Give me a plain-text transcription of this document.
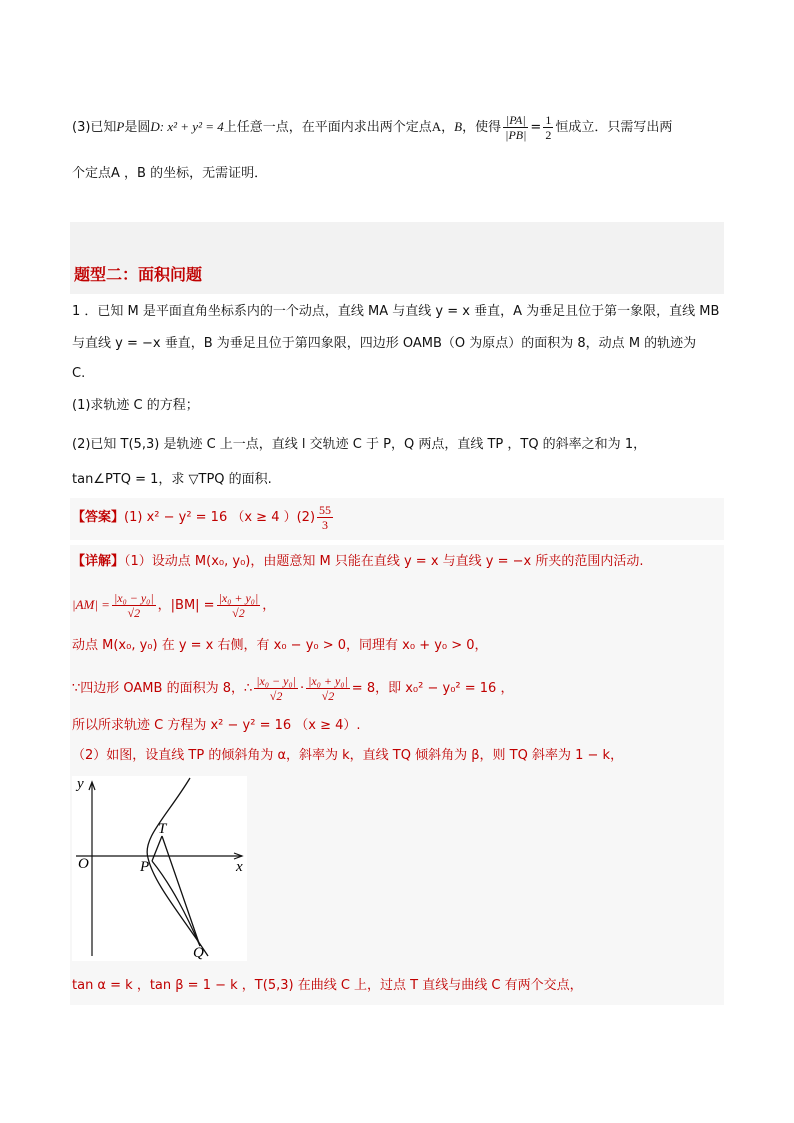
(3)已知P是圆D: x² + y² = 4上任意一点，在平面内求出两个定点A，B，使得 $\frac{|PA|}{|PB|} = \frac{1}{2}$ 恒成立．只需写出两
个定点A ，B 的坐标，无需证明．
题型二：面积问题
1 ．已知 M 是平面直角坐标系内的一个动点，直线 MA 与直线 y = x 垂直，A 为垂足且位于第一象限，直线 MB
与直线 y = −x 垂直，B 为垂足且位于第四象限，四边形 OAMB（O 为原点）的面积为 8，动点 M 的轨迹为
C.
(1)求轨迹 C 的方程；
(2)已知 T(5,3) 是轨迹 C 上一点，直线 l 交轨迹 C 于 P，Q 两点，直线 TP ，TQ 的斜率之和为 1，
tan∠PTQ = 1，求 ▽TPQ 的面积.
【答案】(1) x² − y² = 16 （x ≥ 4 ）$(2) \frac{55}{3}$
【详解】（1）设动点 M(x₀, y₀)，由题意知 M 只能在直线 y = x 与直线 y = −x 所夹的范围内活动.
$|AM| = \frac{\text{|x₀ − y₀|}}{√2}$ ，$|BM| = \frac{\text{|x₀ + y₀|}}{√2}$ ，
动点 M(x₀, y₀) 在 y = x 右侧，有 x₀ − y₀ > 0，同理有 x₀ + y₀ > 0，
∵四边形 OAMB 的面积为 8，∴ $\frac{\text{|x₀ − y₀|}}{√2} \cdot \frac{\text{|x₀ + y₀|}}{√2} = 8$，即 x₀² − y₀² = 16 ，
所以所求轨迹 C 方程为 x² − y² = 16 （x ≥ 4）.
（2）如图，设直线 TP 的倾斜角为 α，斜率为 k，直线 TQ 倾斜角为 β，则 TQ 斜率为 1 − k，
y
x
O
T
P
Q
tan α = k ，tan β = 1 − k ，T(5,3) 在曲线 C 上，过点 T 直线与曲线 C 有两个交点，
